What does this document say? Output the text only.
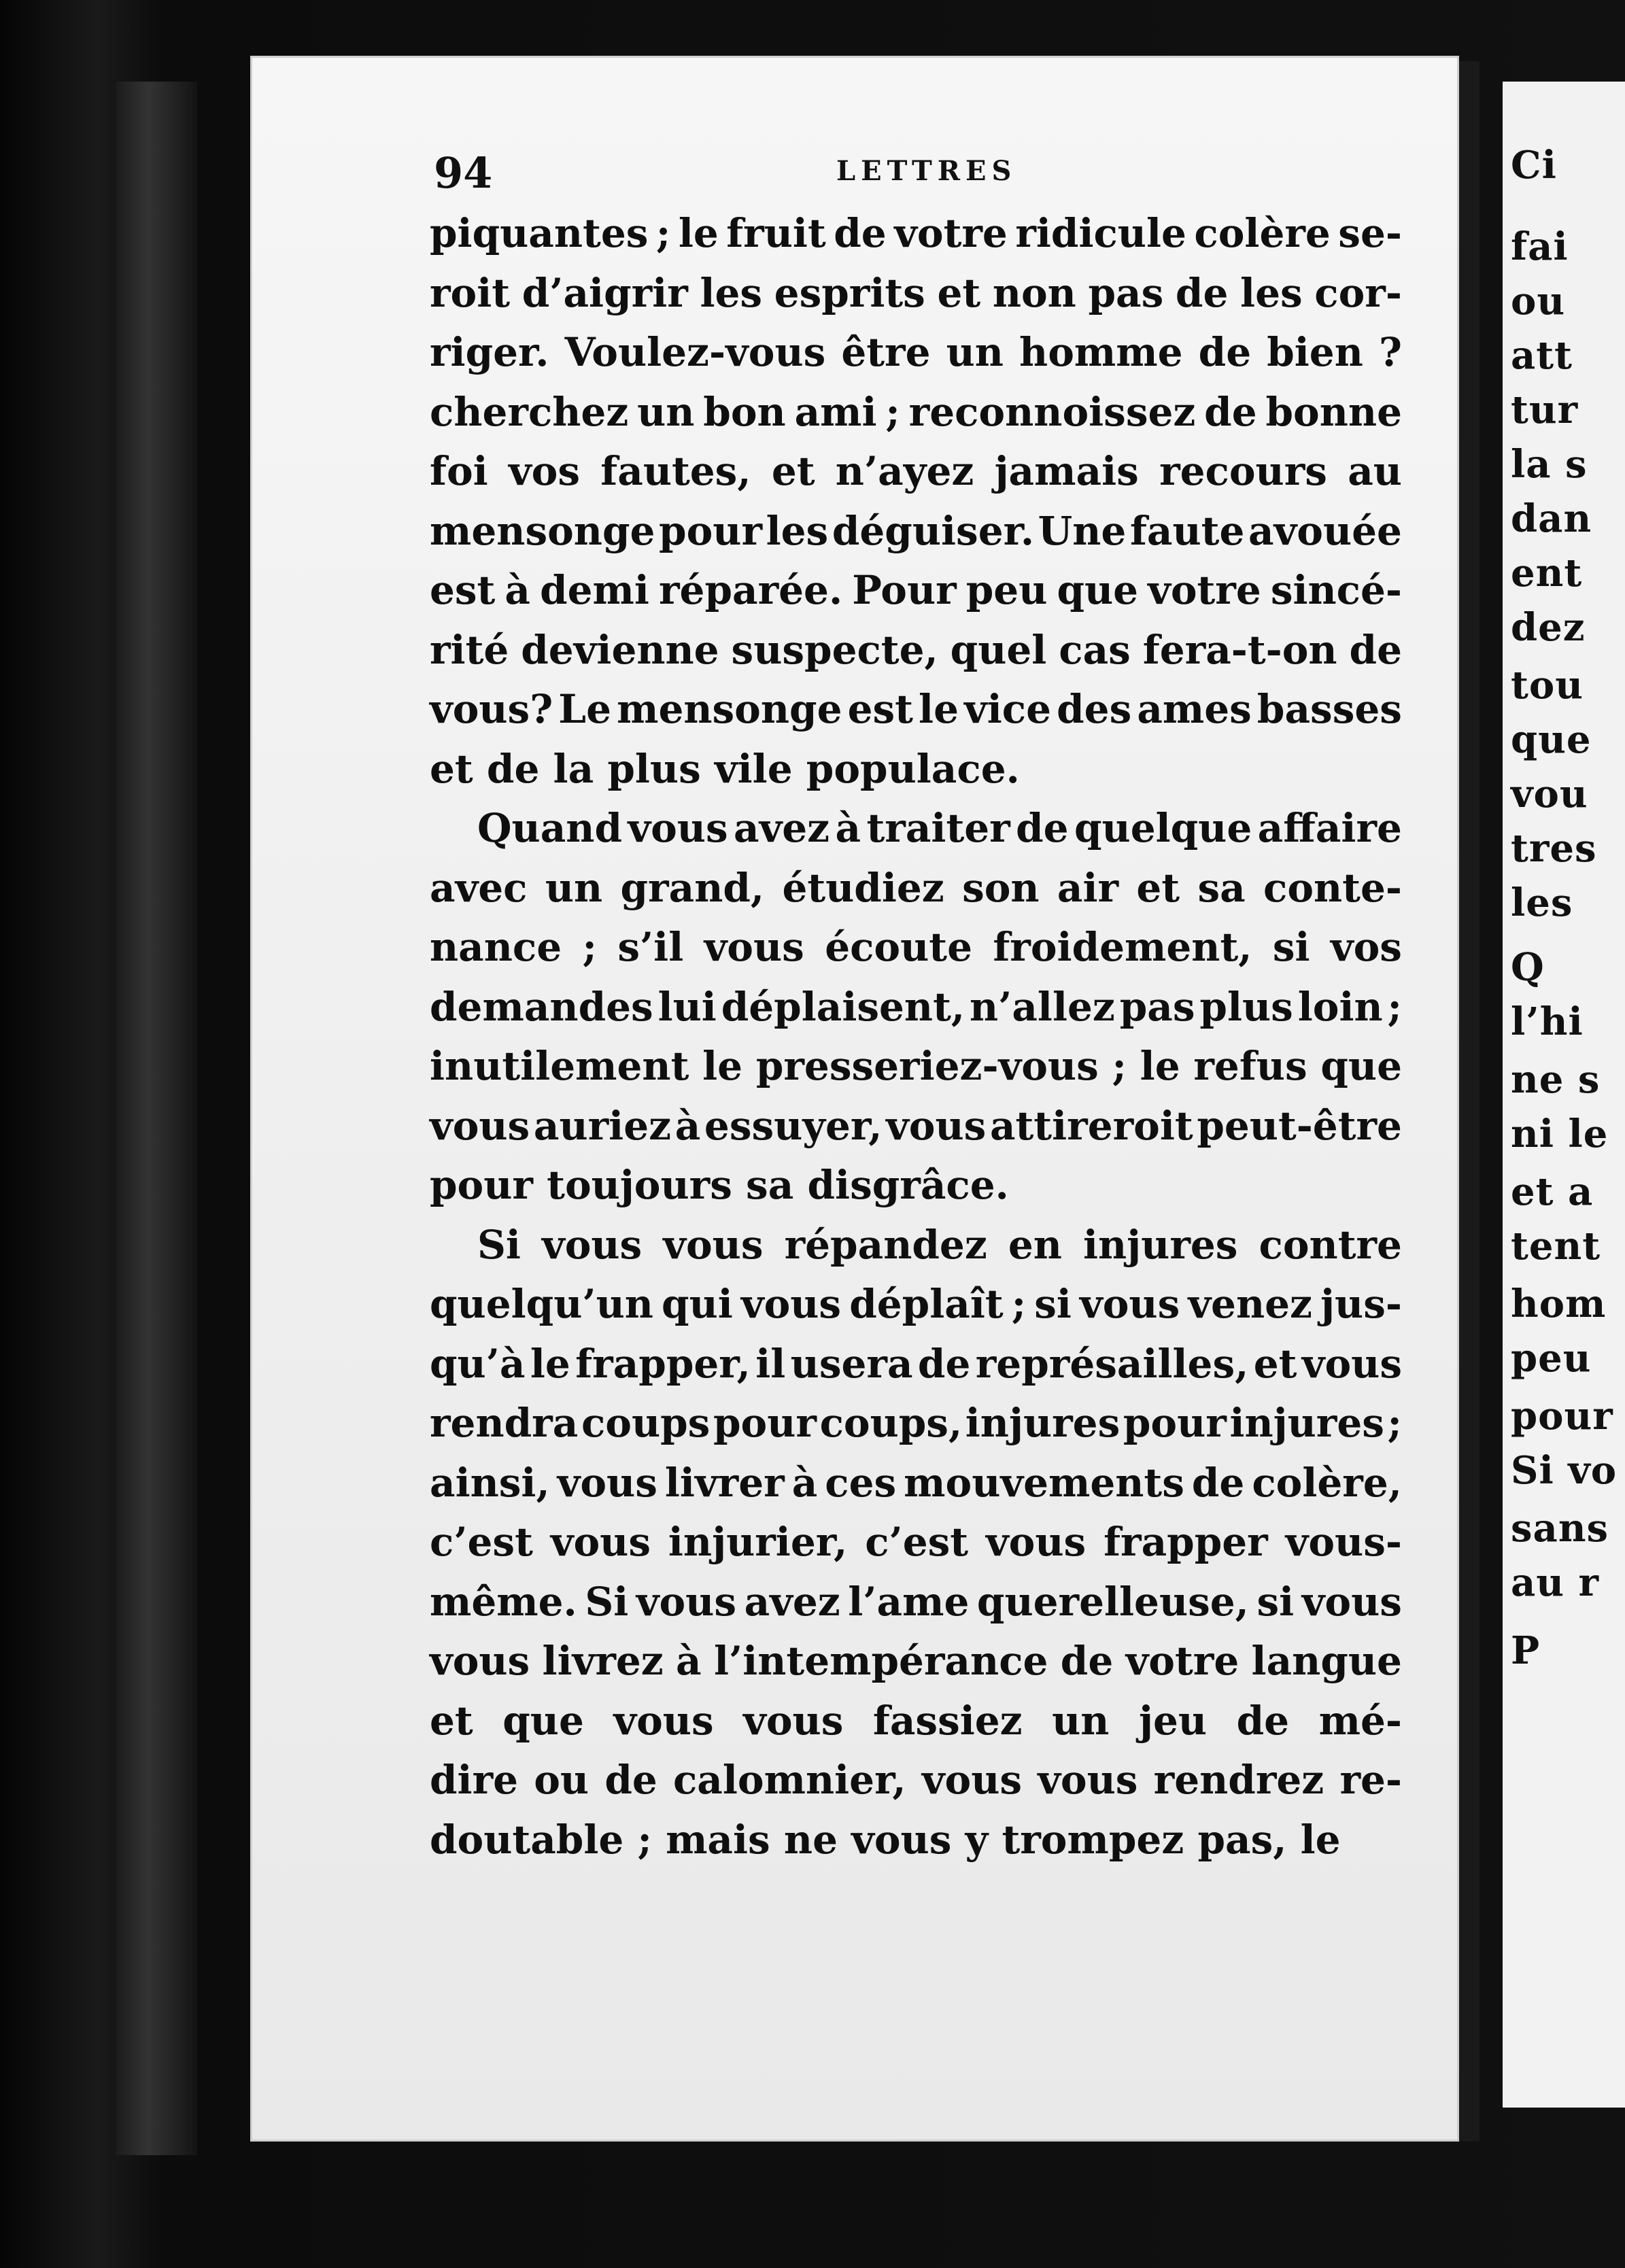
94	LETTRES
piquantes ; le fruit de votre ridicule colère se-
roit d’aigrir les esprits et non pas de les cor-
riger. Voulez-vous être un homme de bien ?
cherchez un bon ami ; reconnoissez de bonne
foi vos fautes, et n’ayez jamais recours au
mensonge pour les déguiser. Une faute avouée
est à demi réparée. Pour peu que votre sincé-
rité devienne suspecte, quel cas fera-t-on de
vous? Le mensonge est le vice des ames basses
et de la plus vile populace.
Quand vous avez à traiter de quelque affaire
avec un grand, étudiez son air et sa conte-
nance ; s’il vous écoute froidement, si vos
demandes lui déplaisent, n’allez pas plus loin ;
inutilement le presseriez-vous ; le refus que
vous auriez à essuyer, vous attireroit peut-être
pour toujours sa disgrâce.
Si vous vous répandez en injures contre
quelqu’un qui vous déplaît ; si vous venez jus-
qu’à le frapper, il usera de représailles, et vous
rendra coups pour coups, injures pour injures ;
ainsi, vous livrer à ces mouvements de colère,
c’est vous injurier, c’est vous frapper vous-
même. Si vous avez l’ame querelleuse, si vous
vous livrez à l’intempérance de votre langue
et que vous vous fassiez un jeu de mé-
dire ou de calomnier, vous vous rendrez re-
doutable ; mais ne vous y trompez pas, le
Ci
fai
ou
att
tur
la s
dan
ent
dez
tou
que
vou
tres
les
Q
l’hi
ne s
ni le
et a
tent
hom
peu
pour
Si vo
sans
au r
P
